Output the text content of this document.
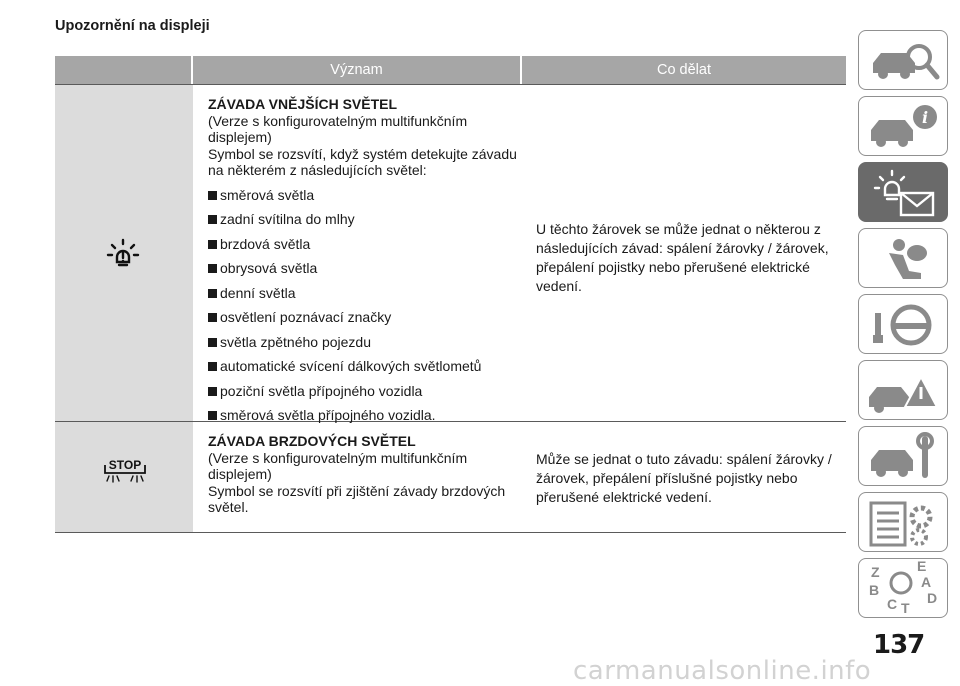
Upozornění na displeji
Význam	Co dělat
ZÁVADA VNĚJŠÍCH SVĚTEL
(Verze s konfigurovatelným multifunkčním
displejem)
Symbol se rozsvítí, když systém detekujte závadu
na některém z následujících světel:
směrová světla
zadní svítilna do mlhy
brzdová světla
obrysová světla
denní světla
osvětlení poznávací značky
světla zpětného pojezdu
automatické svícení dálkových světlometů
poziční světla přípojného vozidla
směrová světla přípojného vozidla.
U těchto žárovek se může jednat o některou z
následujících závad: spálení žárovky / žárovek,
přepálení pojistky nebo přerušené elektrické
vedení.
STOP
ZÁVADA BRZDOVÝCH SVĚTEL
(Verze s konfigurovatelným multifunkčním
displejem)
Symbol se rozsvítí při zjištění závady brzdových
světel.
Může se jednat o tuto závadu: spálení žárovky /
žárovek, přepálení příslušné pojistky nebo
přerušené elektrické vedení.
i
Z	E
A
B
C T
D
137
carmanualsonline.info
